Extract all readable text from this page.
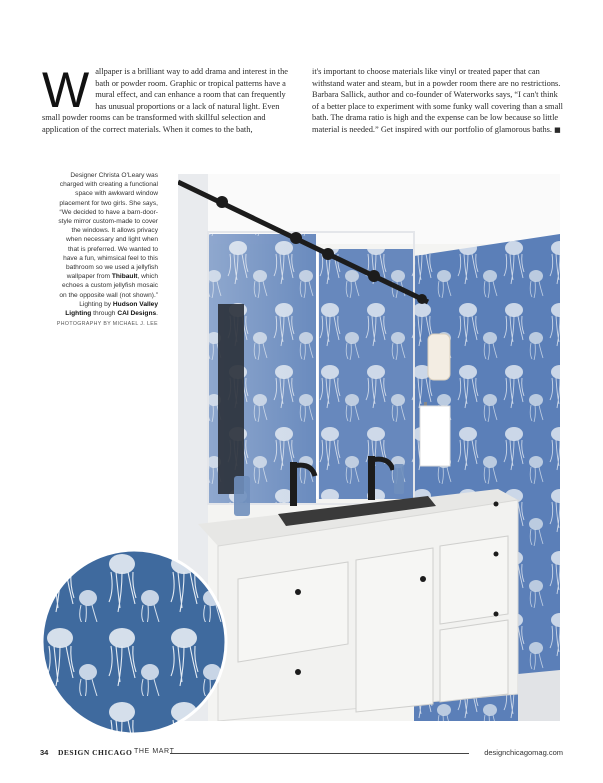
W allpaper is a brilliant way to add drama and interest in the bath or powder room. Graphic or tropical patterns have a mural effect, and can enhance a room that can frequently has unusual proportions or a lack of natural light. Even small powder rooms can be transformed with skillful selection and application of the correct materials. When it comes to the bath,
it's important to choose materials like vinyl or treated paper that can withstand water and steam, but in a powder room there are no restrictions. Barbara Sallick, author and co-founder of Waterworks says, “I can't think of a better place to experiment with some funky wall covering than a small bath. The drama ratio is high and the expense can be low because so little material is needed.” Get inspired with our portfolio of glamorous baths. ■
Designer Christa O’Leary was charged with creating a functional space with awkward window placement for two girls. She says, “We decided to have a barn-door-style mirror custom-made to cover the windows. It allows privacy when necessary and light when that is preferred. We wanted to have a fun, whimsical feel to this bathroom so we used a jellyfish wallpaper from Thibault, which echoes a custom jellyfish mosaic on the opposite wall (not shown).” Lighting by Hudson Valley Lighting through CAI Designs.
PHOTOGRAPHY BY MICHAEL J. LEE
34 DESIGN CHICAGO THE MART	designchicagomag.com
